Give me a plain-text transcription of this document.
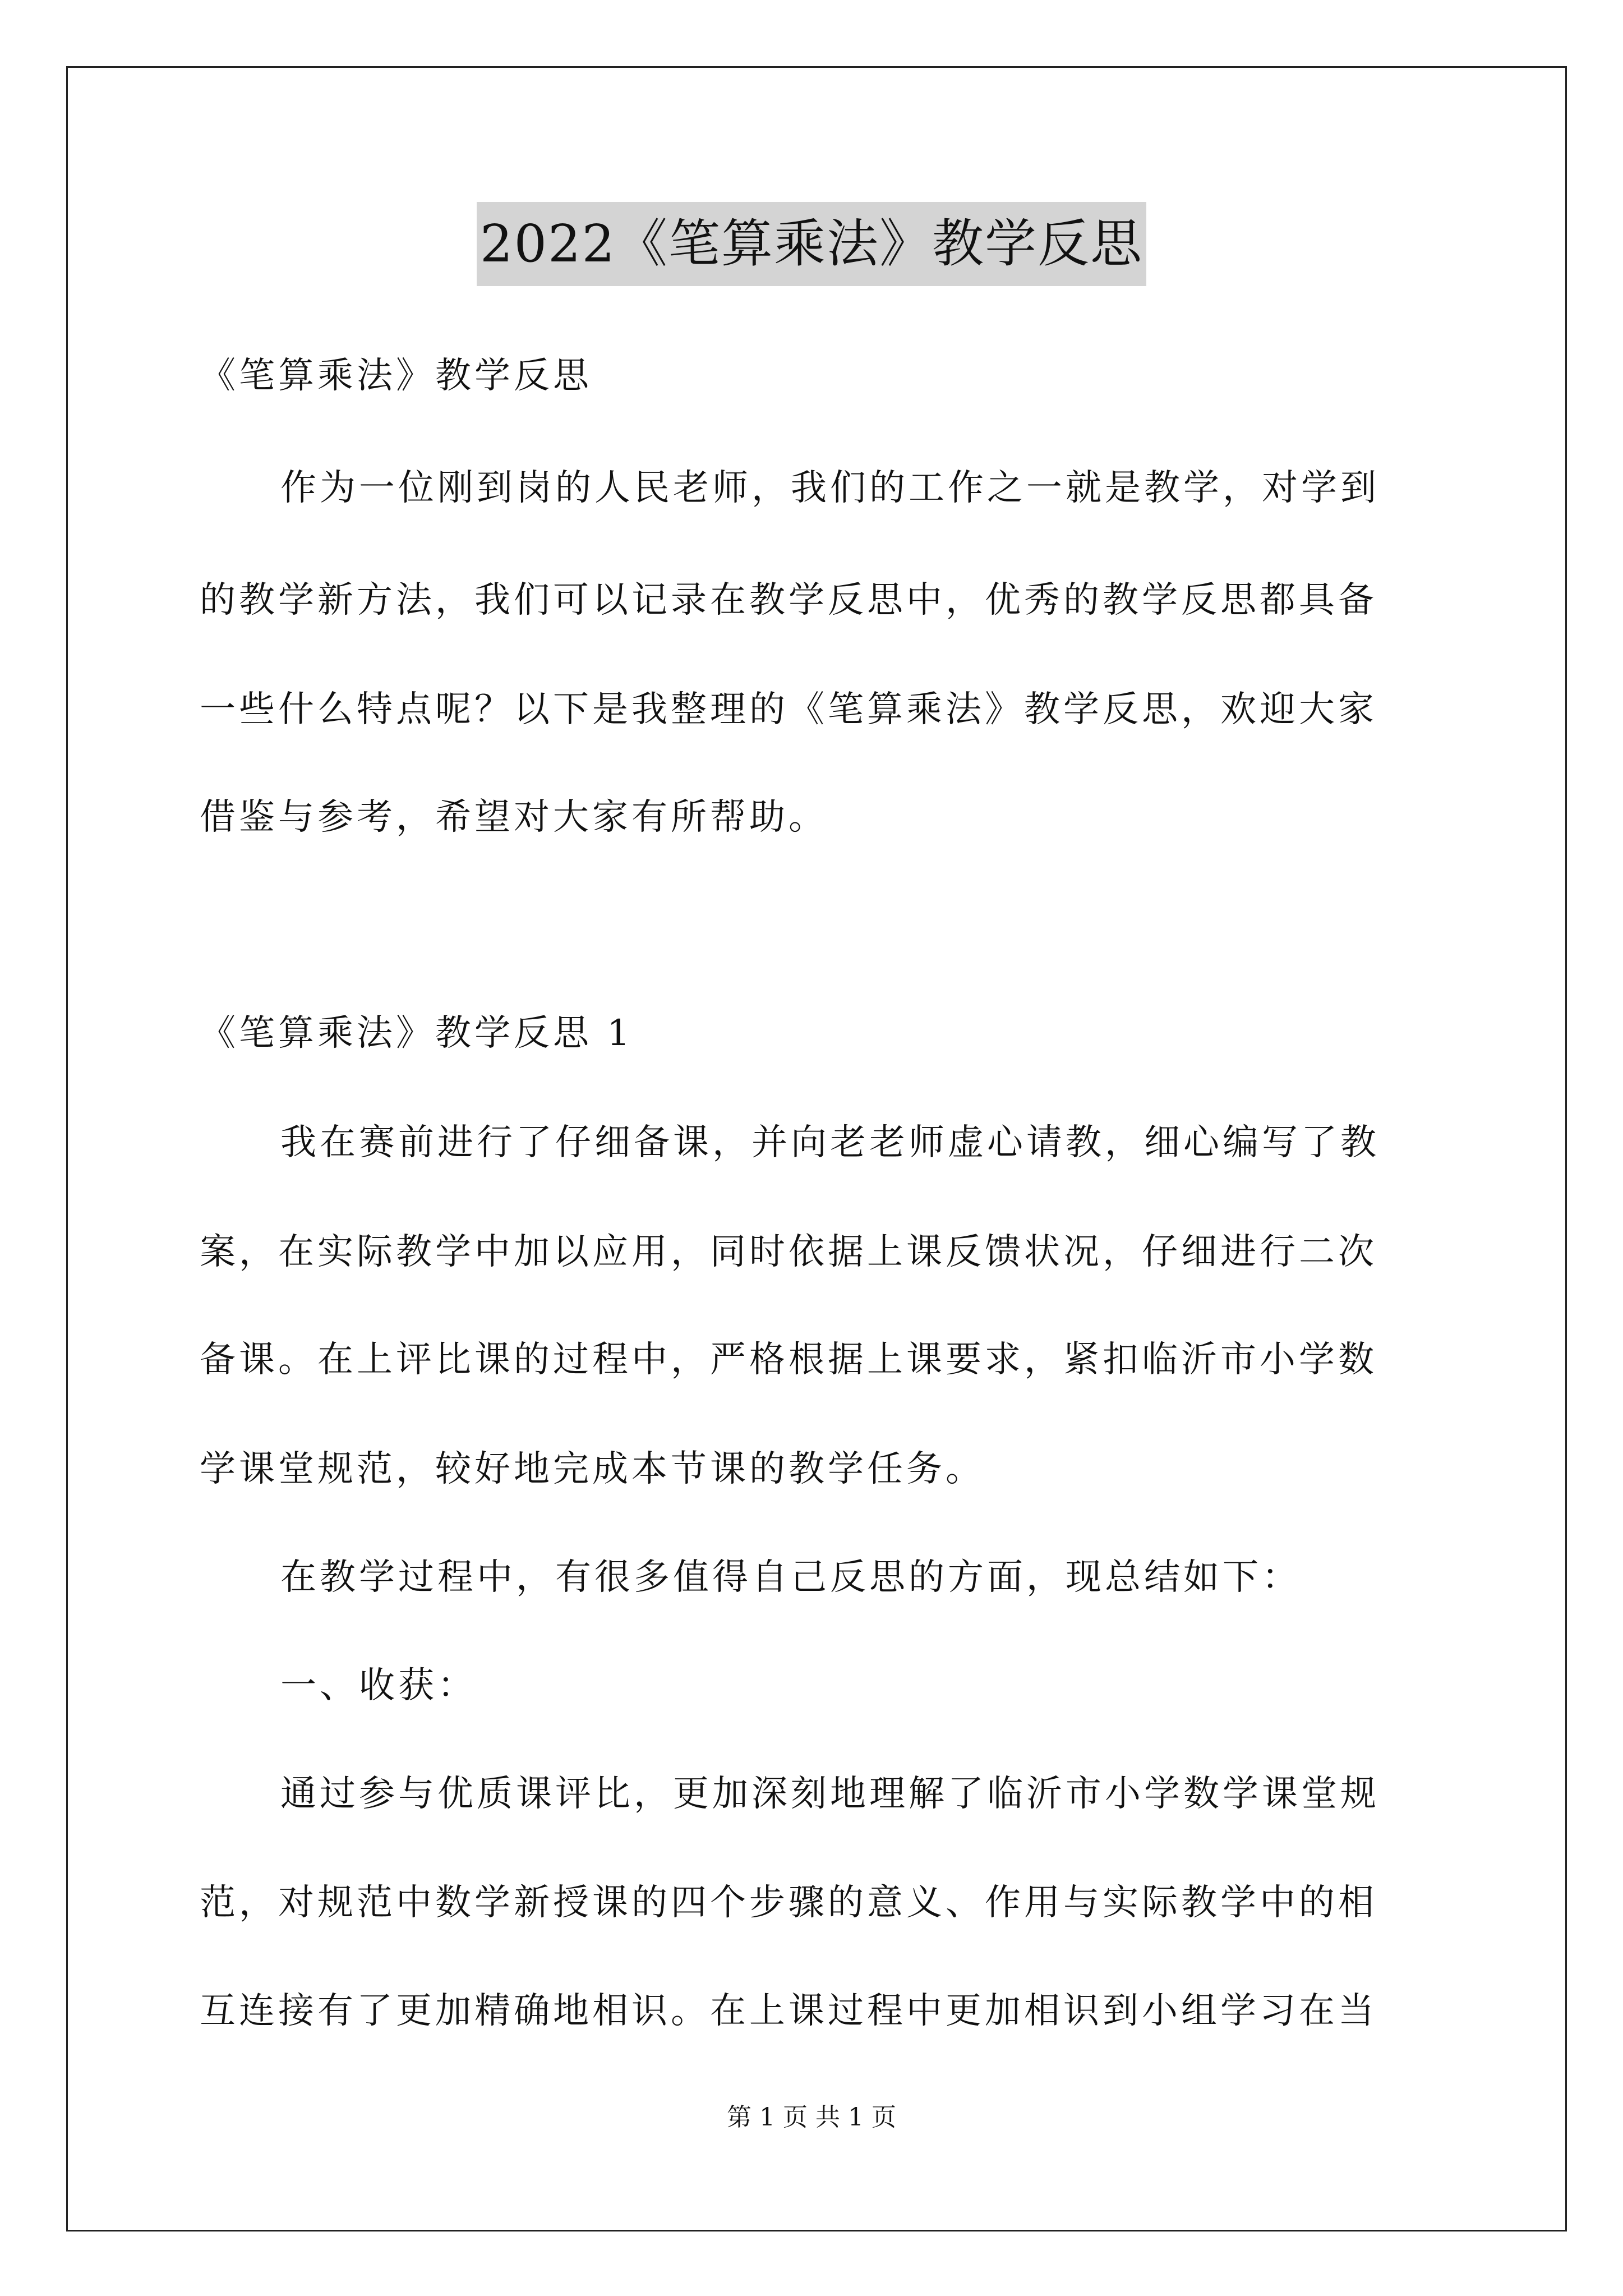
2022《笔算乘法》教学反思

《笔算乘法》教学反思

作为一位刚到岗的人民老师，我们的工作之一就是教学，对学到

的教学新方法，我们可以记录在教学反思中，优秀的教学反思都具备

一些什么特点呢？以下是我整理的《笔算乘法》教学反思，欢迎大家

借鉴与参考，希望对大家有所帮助。

《笔算乘法》教学反思 1

我在赛前进行了仔细备课，并向老老师虚心请教，细心编写了教

案，在实际教学中加以应用，同时依据上课反馈状况，仔细进行二次

备课。在上评比课的过程中，严格根据上课要求，紧扣临沂市小学数

学课堂规范，较好地完成本节课的教学任务。

在教学过程中，有很多值得自己反思的方面，现总结如下：

一、收获：

通过参与优质课评比，更加深刻地理解了临沂市小学数学课堂规

范，对规范中数学新授课的四个步骤的意义、作用与实际教学中的相

互连接有了更加精确地相识。在上课过程中更加相识到小组学习在当

第 1 页 共 1 页
